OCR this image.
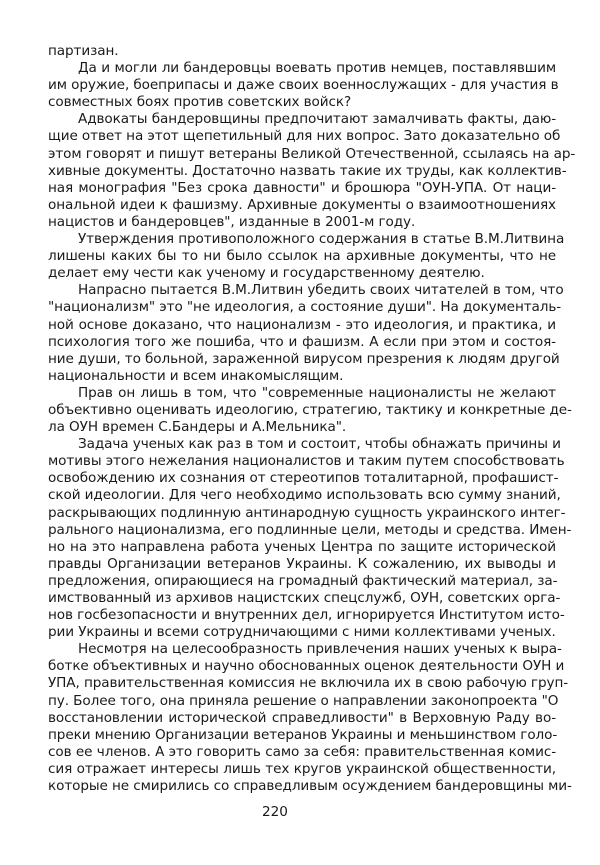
партизан.
Да и могли ли бандеровцы воевать против немцев, поставлявшим
им оружие, боеприпасы и даже своих военнослужащих - для участия в
совместных боях против советских войск?
Адвокаты бандеровщины предпочитают замалчивать факты, даю-
щие ответ на этот щепетильный для них вопрос. Зато доказательно об
этом говорят и пишут ветераны Великой Отечественной, ссылаясь на ар-
хивные документы. Достаточно назвать такие их труды, как коллектив-
ная монография "Без срока давности" и брошюра "ОУН-УПА. От нaци-
ональной идеи к фашизму. Архивные документы о взаимоотношениях
нацистов и бандеровцев", изданные в 2001-м году.
Утверждения противоположного содержания в статье В.М.Литвина
лишены каких бы то ни было ссылок на архивные документы, что не
делает ему чести как ученому и государственному деятелю.
Напрасно пытается В.М.Литвин убедить своих читателей в том, что
"национализм" это "не идеология, а состояние души". На документаль-
ной основе доказано, что национализм - это идеология, и практика, и
психология того же пошиба, что и фашизм. А если при этом и состоя-
ние души, то больной, зараженной вирусом презрения к людям другой
национальности и всем инакомыслящим.
Прав он лишь в том, что "современные националисты не желают
объективно оценивать идеологию, стратегию, тактику и конкретные де-
ла ОУН времен С.Бандеры и А.Мельника".
Задача ученых как раз в том и состоит, чтобы обнажать причины и
мотивы этого нежелания националистов и таким путем способствовать
освобождению их сознания от стереотипов тоталитарной, профашист-
ской идеологии. Для чего необходимо использовать всю сумму знаний,
раскрывающих подлинную антинародную сущность украинского интег-
рального национализма, его подлинные цели, методы и средства. Имен-
но на это направлена работа ученых Центра по защите исторической
правды Организации ветеранов Украины. К сожалению, их выводы и
предложения, опирающиеся на громадный фактический материал, за-
имствованный из архивов нацистских спецслужб, ОУН, советских орга-
нов госбезопасности и внутренних дел, игнорируется Институтом исто-
рии Украины и всеми сотрудничающими с ними коллективами ученых.
Несмотря на целесообразность привлечения наших ученых к выра-
ботке объективных и научно обоснованных оценок деятельности ОУН и
УПА, правительственная комиссия не включила их в свою рабочую груп-
пу. Более того, она приняла решение о направлении законопроекта "О
восстановлении исторической справедливости" в Верховную Раду во-
преки мнению Организации ветеранов Украины и меньшинством голо-
сов ее членов. А это говорить само за себя: правительственная комис-
сия отражает интересы лишь тех кругов украинской общественности,
которые не смирились со справедливым осуждением бандеровщины ми-
220
